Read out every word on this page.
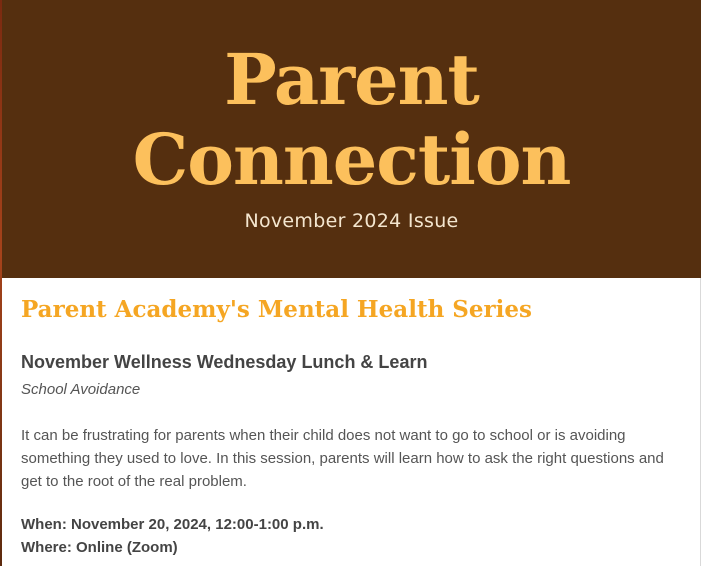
Parent
Connection
November 2024 Issue
Parent Academy's Mental Health Series
November Wellness Wednesday Lunch & Learn

School Avoidance

It can be frustrating for parents when their child does not want to go to school or is avoiding something they used to love. In this session, parents will learn how to ask the right questions and get to the root of the real problem.

When: November 20, 2024, 12:00-1:00 p.m.

Where: Online (Zoom)
